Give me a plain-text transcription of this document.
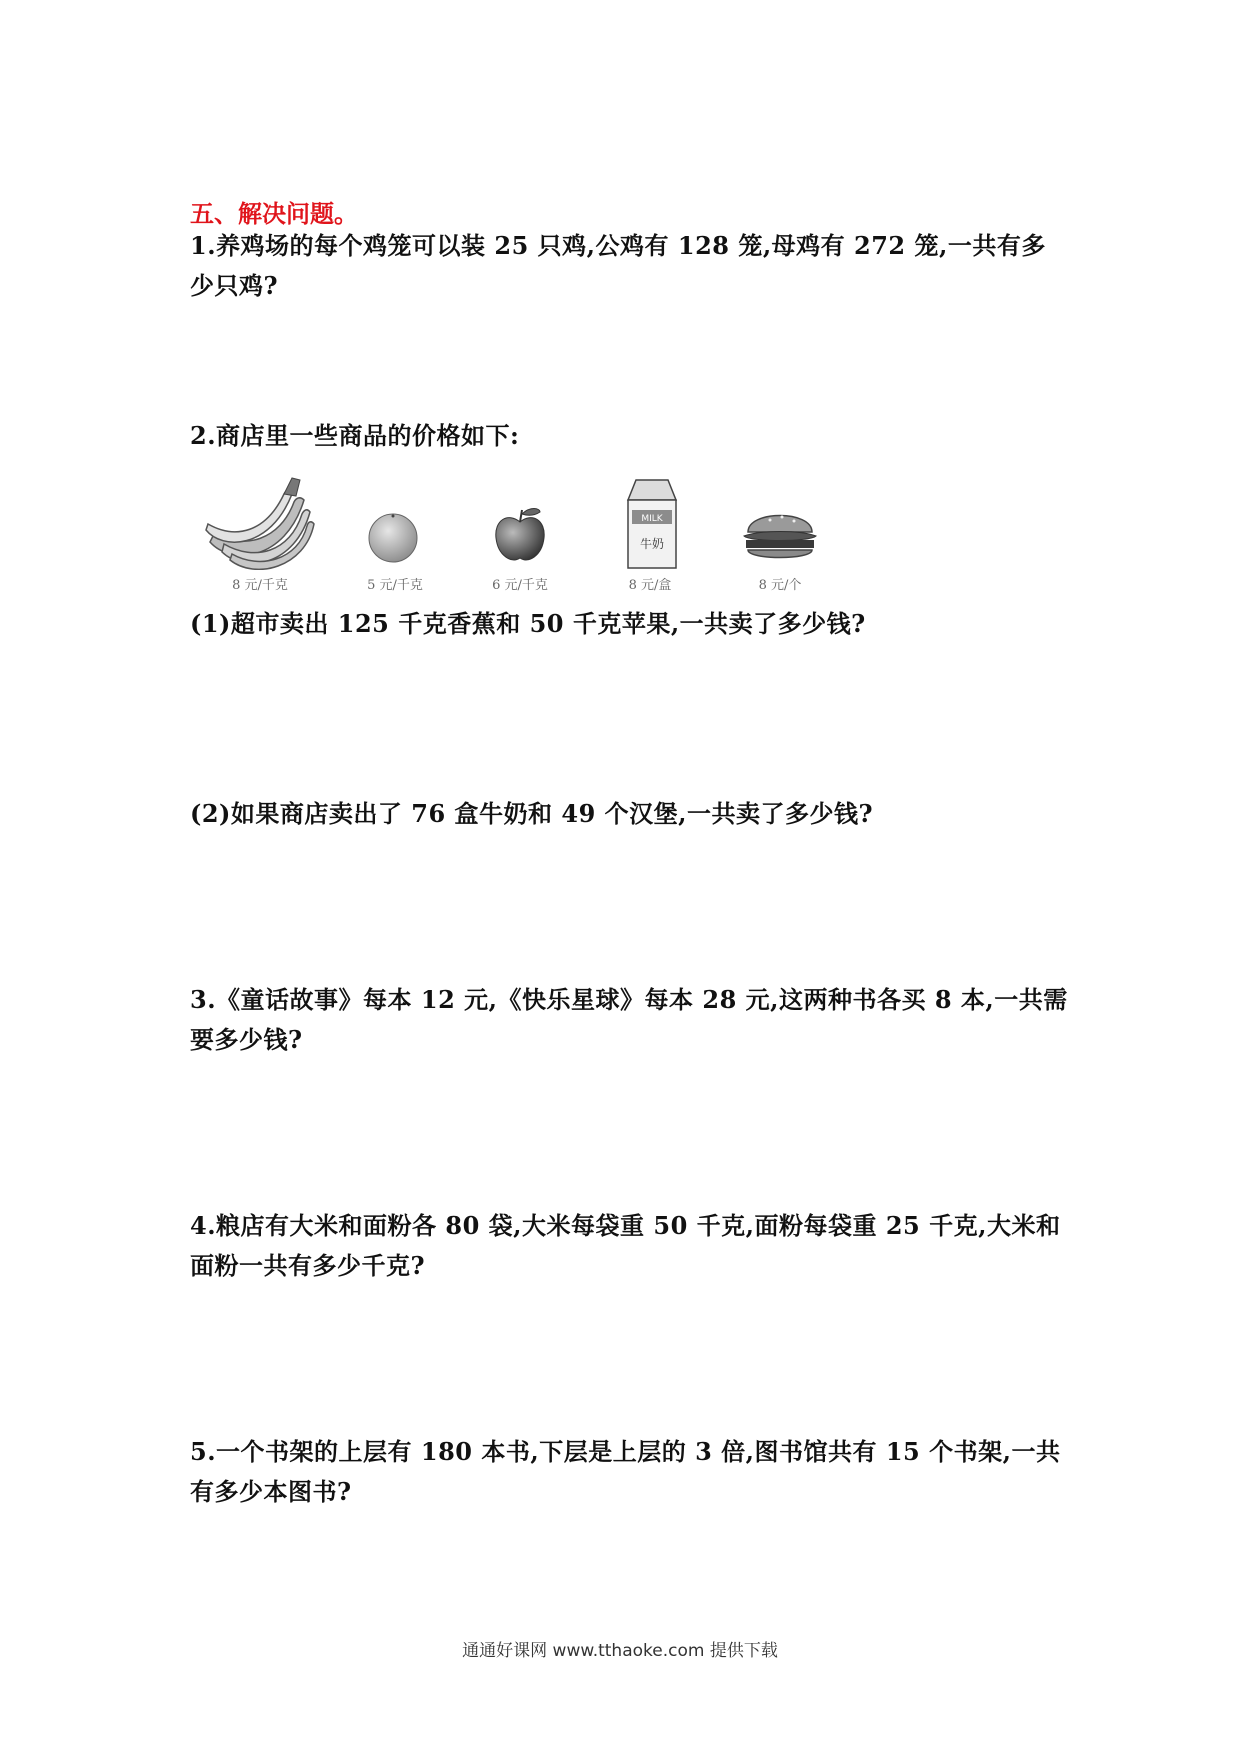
五、解决问题。
1.养鸡场的每个鸡笼可以装 25 只鸡,公鸡有 128 笼,母鸡有 272 笼,一共有多少只鸡?
2.商店里一些商品的价格如下:
8 元/千克	5 元/千克	6 元/千克
MILK
牛奶
8 元/盒	8 元/个
(1)超市卖出 125 千克香蕉和 50 千克苹果,一共卖了多少钱?
(2)如果商店卖出了 76 盒牛奶和 49 个汉堡,一共卖了多少钱?
3.《童话故事》每本 12 元,《快乐星球》每本 28 元,这两种书各买 8 本,一共需要多少钱?
4.粮店有大米和面粉各 80 袋,大米每袋重 50 千克,面粉每袋重 25 千克,大米和面粉一共有多少千克?
5.一个书架的上层有 180 本书,下层是上层的 3 倍,图书馆共有 15 个书架,一共有多少本图书?
通通好课网 www.tthaoke.com 提供下载
